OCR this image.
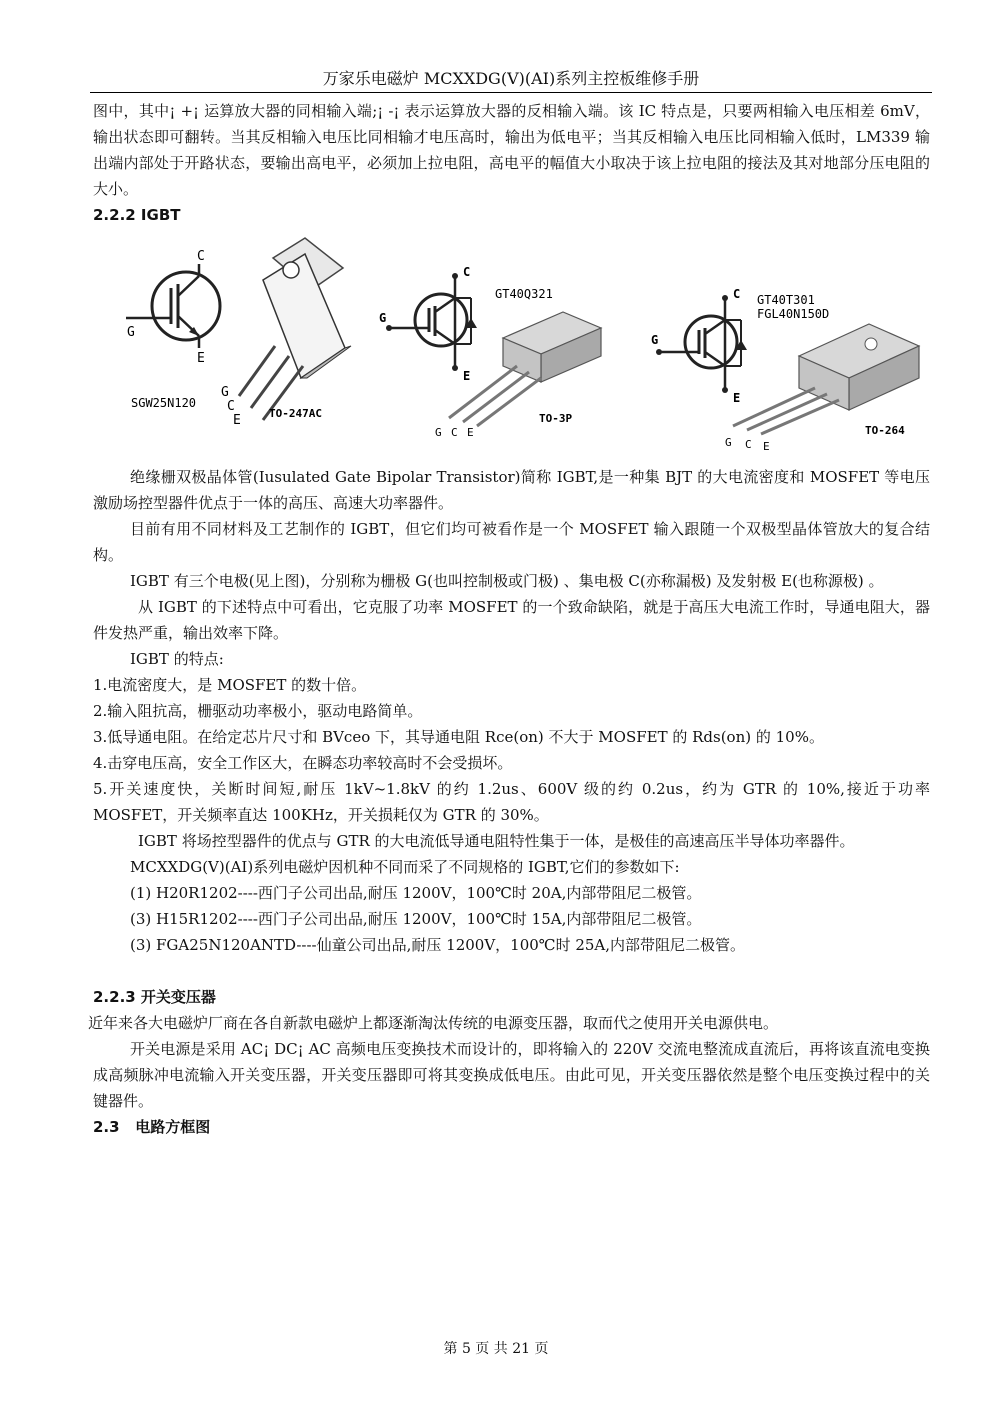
万家乐电磁炉 MCXXDG(V)(AI)系列主控板维修手册

图中，其中¡ +¡ 运算放大器的同相输入端;¡ -¡ 表示运算放大器的反相输入端。该 IC 特点是，只要两相输入电压相差 6mV，输出状态即可翻转。当其反相输入电压比同相输才电压高时，输出为低电平；当其反相输入电压比同相输入低时，LM339 输出端内部处于开路状态，要输出高电平，必须加上拉电阻，高电平的幅值大小取决于该上拉电阻的接法及其对地部分压电阻的大小。

2.2.2 IGBT
C
G
E
G
C
E
SGW25N120
TO-247AC
C
G
E
GT40Q321
G C E
TO-3P
C
G
E
GT40T301
FGL40N150D
G C E
TO-264

绝缘栅双极晶体管(Iusulated Gate Bipolar Transistor)简称 IGBT,是一种集 BJT 的大电流密度和 MOSFET 等电压激励场控型器件优点于一体的高压、高速大功率器件。

目前有用不同材料及工艺制作的 IGBT，但它们均可被看作是一个 MOSFET 输入跟随一个双极型晶体管放大的复合结构。

IGBT 有三个电极(见上图)，分别称为栅极 G(也叫控制极或门极) 、集电极 C(亦称漏极) 及发射极 E(也称源极) 。

从 IGBT 的下述特点中可看出，它克服了功率 MOSFET 的一个致命缺陷，就是于高压大电流工作时，导通电阻大，器件发热严重，输出效率下降。

IGBT 的特点:

1.电流密度大，是 MOSFET 的数十倍。

2.输入阻抗高，栅驱动功率极小，驱动电路简单。

3.低导通电阻。在给定芯片尺寸和 BVceo 下，其导通电阻 Rce(on) 不大于 MOSFET 的 Rds(on) 的 10%。

4.击穿电压高，安全工作区大，在瞬态功率较高时不会受损坏。

5.开关速度快，关断时间短,耐压 1kV~1.8kV 的约 1.2us、600V 级的约 0.2us，约为 GTR 的 10%,接近于功率 MOSFET，开关频率直达 100KHz，开关损耗仅为 GTR 的 30%。

IGBT 将场控型器件的优点与 GTR 的大电流低导通电阻特性集于一体，是极佳的高速高压半导体功率器件。

MCXXDG(V)(AI)系列电磁炉因机种不同而采了不同规格的 IGBT,它们的参数如下:

(1) H20R1202----西门子公司出品,耐压 1200V，100℃时 20A,内部带阻尼二极管。

(3) H15R1202----西门子公司出品,耐压 1200V，100℃时 15A,内部带阻尼二极管。

(3) FGA25N120ANTD----仙童公司出品,耐压 1200V，100℃时 25A,内部带阻尼二极管。

2.2.3 开关变压器

近年来各大电磁炉厂商在各自新款电磁炉上都逐渐淘汰传统的电源变压器，取而代之使用开关电源供电。

开关电源是采用 AC¡ DC¡ AC 高频电压变换技术而设计的，即将输入的 220V 交流电整流成直流后，再将该直流电变换成高频脉冲电流输入开关变压器，开关变压器即可将其变换成低电压。由此可见，开关变压器依然是整个电压变换过程中的关键器件。

2.3   电路方框图
第 5 页 共 21 页
